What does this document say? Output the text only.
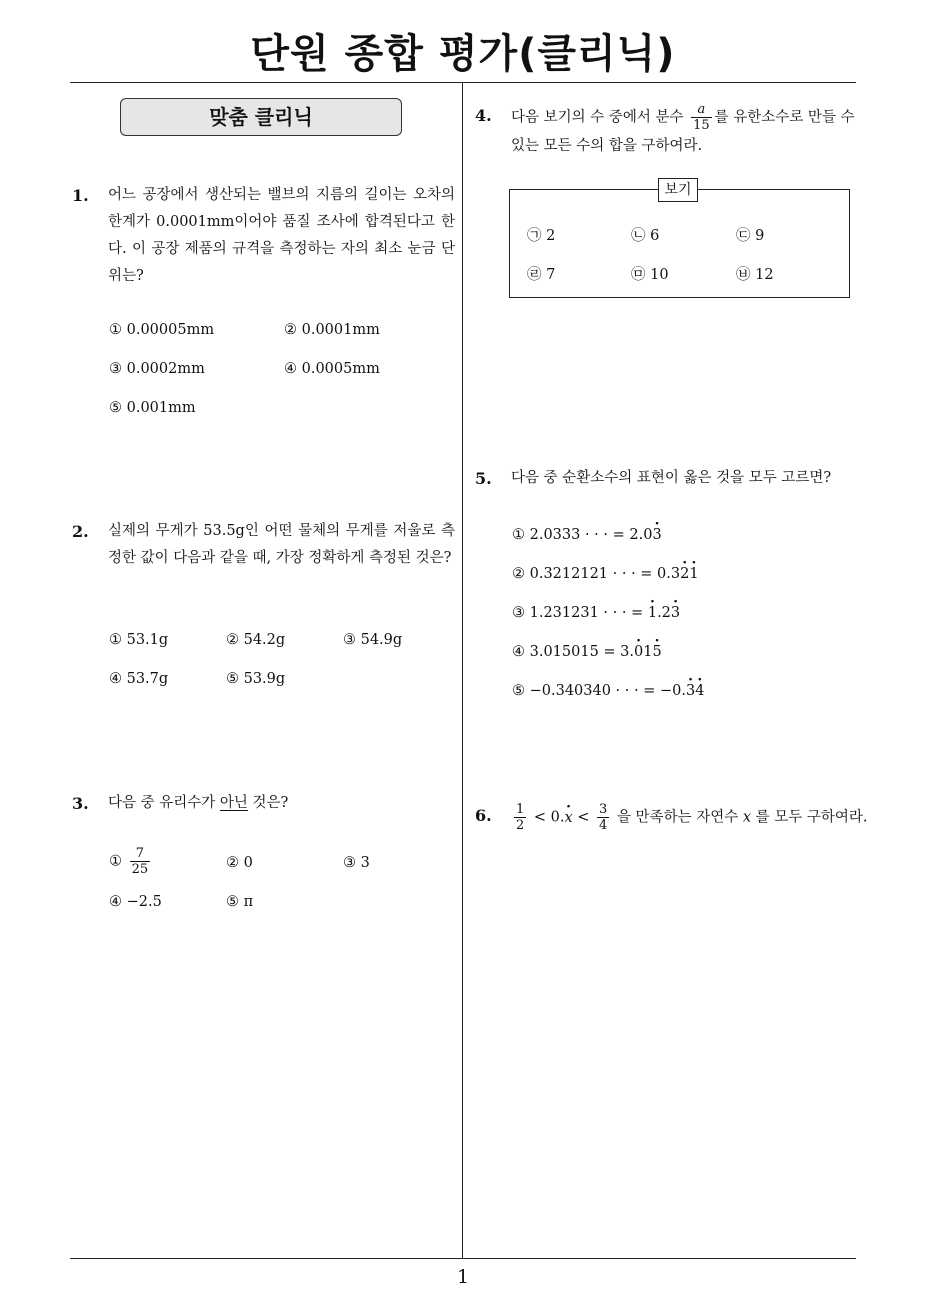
단원 종합 평가(클리닉)
맞춤 클리닉
1. 어느 공장에서 생산되는 밸브의 지름의 길이는 오차의 한계가 0.0001mm이어야 품질 조사에 합격된다고 한다. 이 공장 제품의 규격을 측정하는 자의 최소 눈금 단위는?
① 0.00005mm	② 0.0001mm
③ 0.0002mm	④ 0.0005mm
⑤ 0.001mm
2. 실제의 무게가 53.5g인 어떤 물체의 무게를 저울로 측정한 값이 다음과 같을 때, 가장 정확하게 측정된 것은?
① 53.1g	② 54.2g	③ 54.9g
④ 53.7g	⑤ 53.9g
3. 다음 중 유리수가 아닌 것은?
① $\frac{7}{25}$	② 0	③ 3
④ −2.5	⑤ π
4. 다음 보기의 수 중에서 분수 $\frac{a}{15}$ 를 유한소수로 만들 수
있는 모든 수의 합을 구하여라.
보기
㉠ 2	㉡ 6	㉢ 9
㉣ 7	㉤ 10	㉥ 12
5. 다음 중 순환소수의 표현이 옳은 것을 모두 고르면?
① 2.0333 · · · = 2.03 ·
② 0.3212121 · · · = 0.32 ·1 ·
③ 1.231231 · · · = 1 ·.23 ·
④ 3.015015 = 3.0 ·15 ·
⑤ −0.340340 · · · = −0.3 ·4 ·
6. $\frac{1}{2} < 0.x$ · < $\frac{3}{4}$ 을 만족하는 자연수 x 를 모두 구하여라.
1
